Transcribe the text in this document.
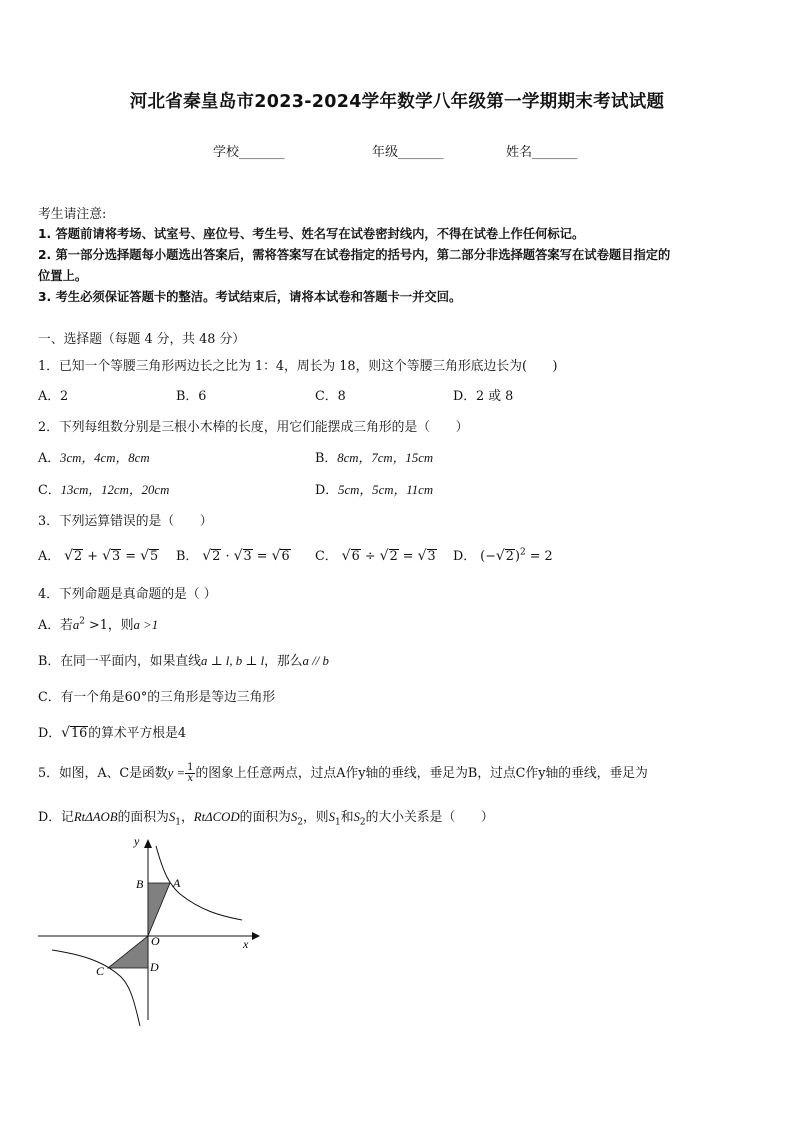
河北省秦皇岛市2023-2024学年数学八年级第一学期期末考试试题
学校_______	年级_______	姓名_______
考生请注意:
1. 答题前请将考场、试室号、座位号、考生号、姓名写在试卷密封线内，不得在试卷上作任何标记。
2. 第一部分选择题每小题选出答案后，需将答案写在试卷指定的括号内，第二部分非选择题答案写在试卷题目指定的
位置上。
3. 考生必须保证答题卡的整洁。考试结束后，请将本试卷和答题卡一并交回。
一、选择题（每题 4 分，共 48 分）
1．已知一个等腰三角形两边长之比为 1：4，周长为 18，则这个等腰三角形底边长为(　　)
A．2	B．6	C．8	D．2 或 8
2．下列每组数分别是三根小木棒的长度，用它们能摆成三角形的是（　　）
A．3cm，4cm，8cm	B．8cm，7cm，15cm
C．13cm，12cm，20cm	D．5cm，5cm，11cm
3．下列运算错误的是（　　）
A． √2 + √3 = √5 B． √2 · √3 = √6 C． √6 ÷ √2 = √3 D． $(-√2)^2 = 2$
4．下列命题是真命题的是（ ）
A．若$a^2 >1$，则a >1
B．在同一平面内，如果直线a ⊥ l, b ⊥ l，那么a // b
C．有一个角是60°的三角形是等边三角形
D．√16的算术平方根是4
5．如图，A、C是函数$y = \frac{1}{x}$ 的图象上任意两点，过点A作y轴的垂线，垂足为B，过点C作y轴的垂线，垂足为
D．记RtΔAOB的面积为$S_1$，RtΔCOD的面积为$S_2$，则$S_1$和$S_2$的大小关系是（　　）
y
x
O
A
B
C	D
